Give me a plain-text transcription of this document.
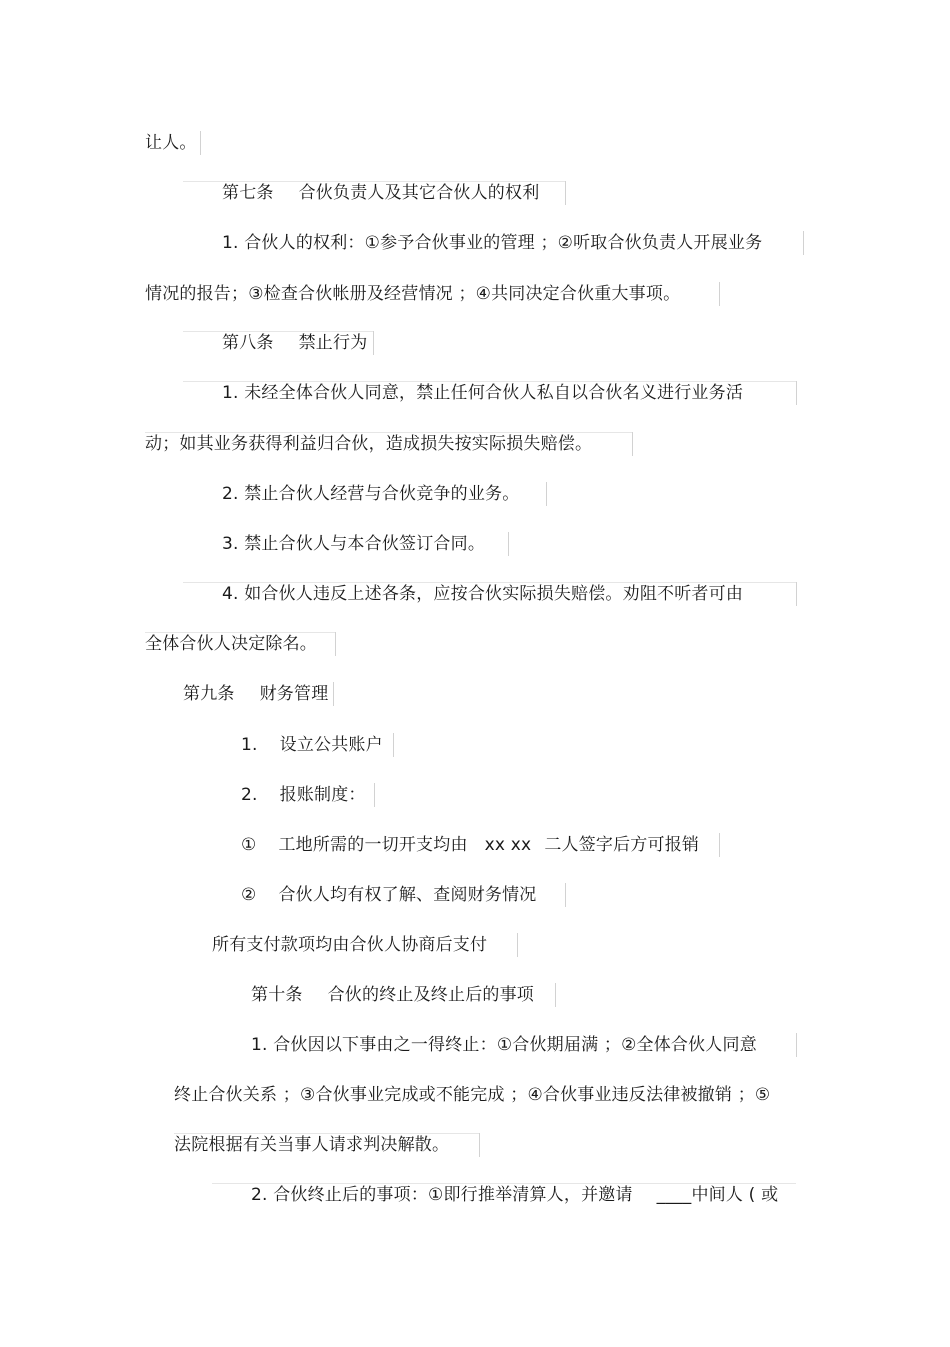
让人。
第七条 合伙负责人及其它合伙人的权利
1. 合伙人的权利：①参予合伙事业的管理 ；②听取合伙负责人开展业务
情况的报告；③检查合伙帐册及经营情况 ；④共同决定合伙重大事项。
第八条 禁止行为
1. 未经全体合伙人同意，禁止任何合伙人私自以合伙名义进行业务活
动；如其业务获得利益归合伙，造成损失按实际损失赔偿。
2. 禁止合伙人经营与合伙竞争的业务。
3. 禁止合伙人与本合伙签订合同。
4. 如合伙人违反上述各条，应按合伙实际损失赔偿。劝阻不听者可由
全体合伙人决定除名。
第九条 财务管理
1. 设立公共账户
2. 报账制度：
① 工地所需的一切开支均由 xx xx 二人签字后方可报销
② 合伙人均有权了解、查阅财务情况
所有支付款项均由合伙人协商后支付
第十条 合伙的终止及终止后的事项
1. 合伙因以下事由之一得终止：①合伙期届满 ；②全体合伙人同意
终止合伙关系 ；③合伙事业完成或不能完成 ；④合伙事业违反法律被撤销 ；⑤
法院根据有关当事人请求判决解散。
2. 合伙终止后的事项：①即行推举清算人，并邀请 ____中间人 ( 或
